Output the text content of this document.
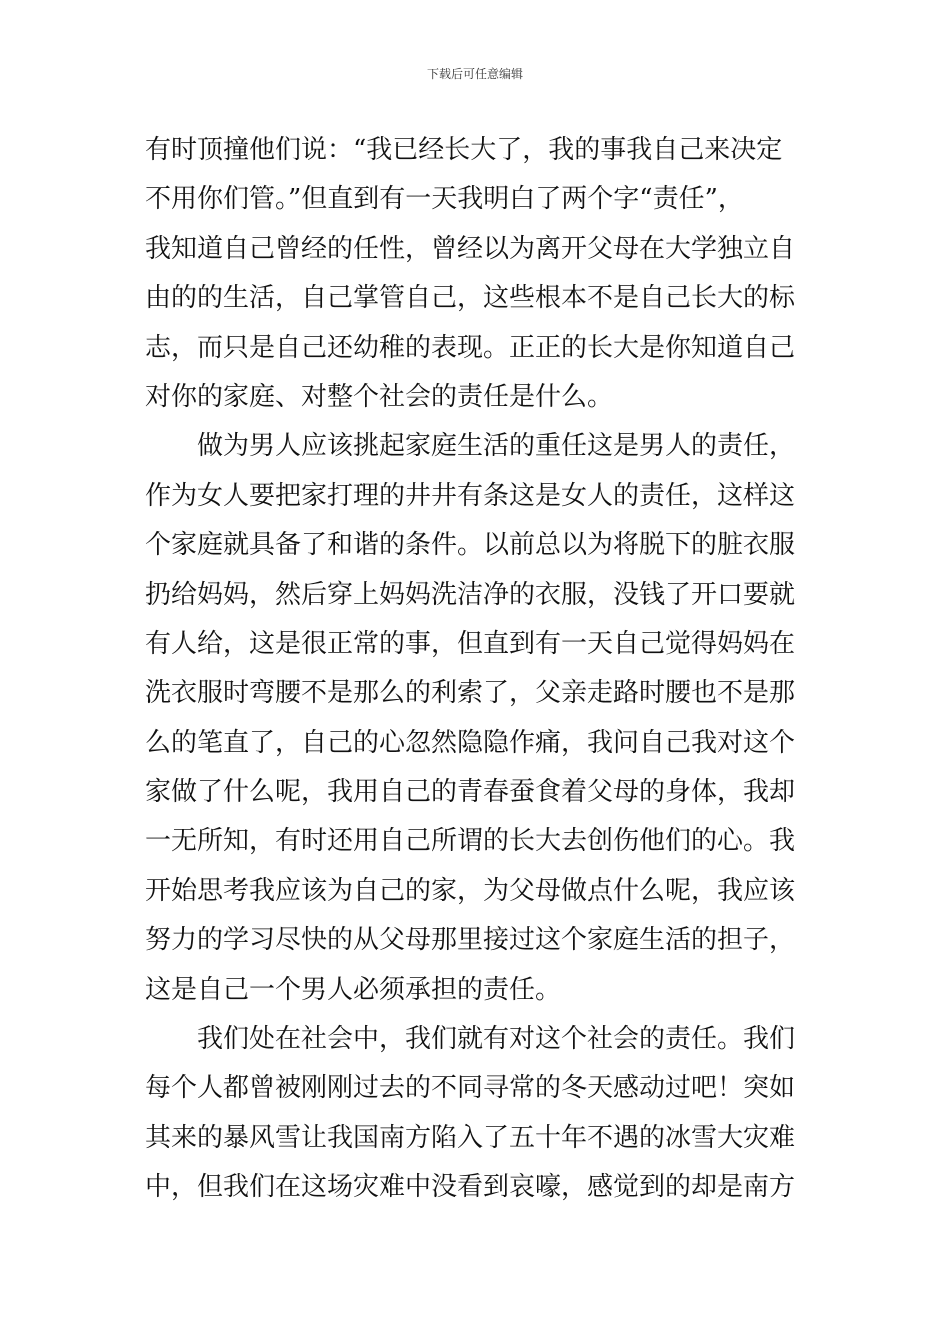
下载后可任意编辑
有时顶撞他们说：“我已经长大了，我的事我自己来决定
不用你们管。”但直到有一天我明白了两个字“责任”，
我知道自己曾经的任性，曾经以为离开父母在大学独立自
由的的生活，自己掌管自己，这些根本不是自己长大的标
志，而只是自己还幼稚的表现。正正的长大是你知道自己
对你的家庭、对整个社会的责任是什么。
做为男人应该挑起家庭生活的重任这是男人的责任，
作为女人要把家打理的井井有条这是女人的责任，这样这
个家庭就具备了和谐的条件。以前总以为将脱下的脏衣服
扔给妈妈，然后穿上妈妈洗洁净的衣服，没钱了开口要就
有人给，这是很正常的事，但直到有一天自己觉得妈妈在
洗衣服时弯腰不是那么的利索了，父亲走路时腰也不是那
么的笔直了，自己的心忽然隐隐作痛，我问自己我对这个
家做了什么呢，我用自己的青春蚕食着父母的身体，我却
一无所知，有时还用自己所谓的长大去创伤他们的心。我
开始思考我应该为自己的家，为父母做点什么呢，我应该
努力的学习尽快的从父母那里接过这个家庭生活的担子，
这是自己一个男人必须承担的责任。
我们处在社会中，我们就有对这个社会的责任。我们
每个人都曾被刚刚过去的不同寻常的冬天感动过吧！突如
其来的暴风雪让我国南方陷入了五十年不遇的冰雪大灾难
中，但我们在这场灾难中没看到哀嚎，感觉到的却是南方
